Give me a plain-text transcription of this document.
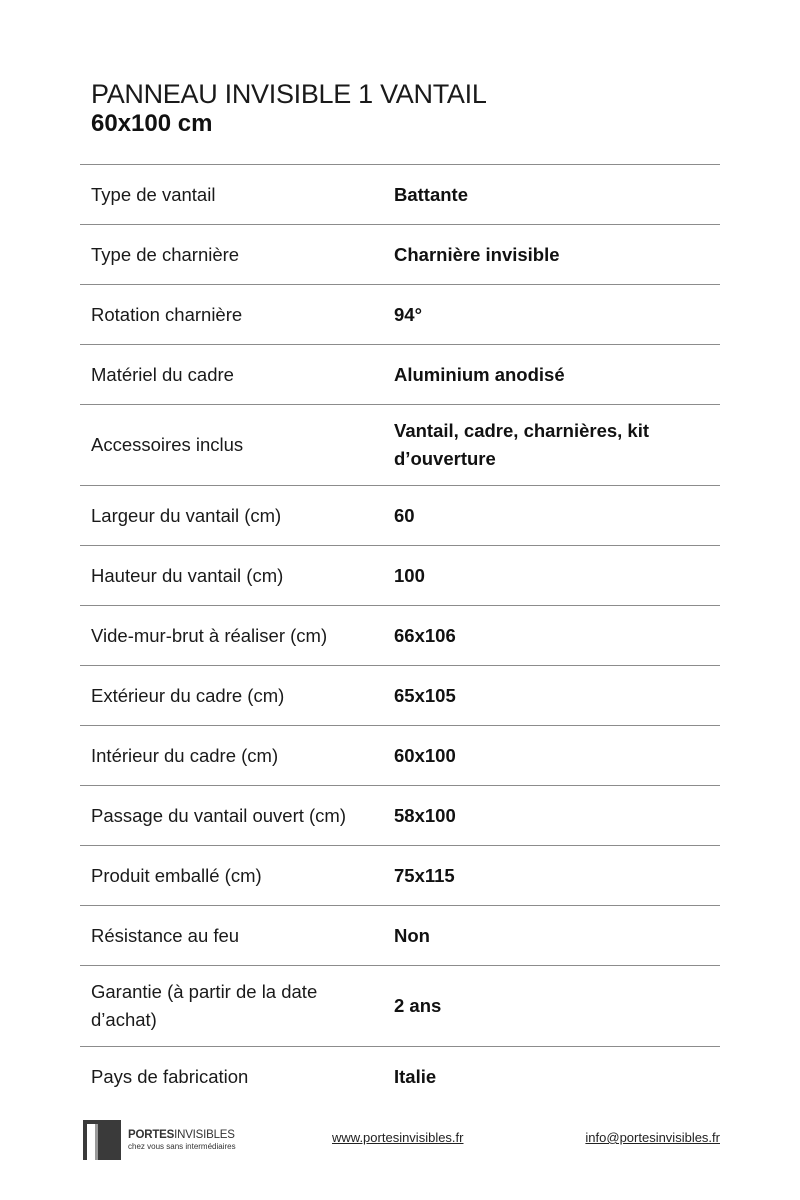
PANNEAU INVISIBLE 1 VANTAIL
60x100 cm
Type de vantail	Battante
Type de charnière	Charnière invisible
Rotation charnière	94°
Matériel du cadre	Aluminium anodisé
Accessoires inclus	Vantail, cadre, charnières, kit d’ouverture
Largeur du vantail (cm)	60
Hauteur du vantail (cm)	100
Vide-mur-brut à réaliser (cm)	66x106
Extérieur du cadre (cm)	65x105
Intérieur du cadre (cm)	60x100
Passage du vantail ouvert (cm)	58x100
Produit emballé (cm)	75x115
Résistance au feu	Non
Garantie (à partir de la date d’achat)	2 ans
Pays de fabrication	Italie
PORTESINVISIBLES
chez vous sans intermédiaires
www.portesinvisibles.fr	info@portesinvisibles.fr
